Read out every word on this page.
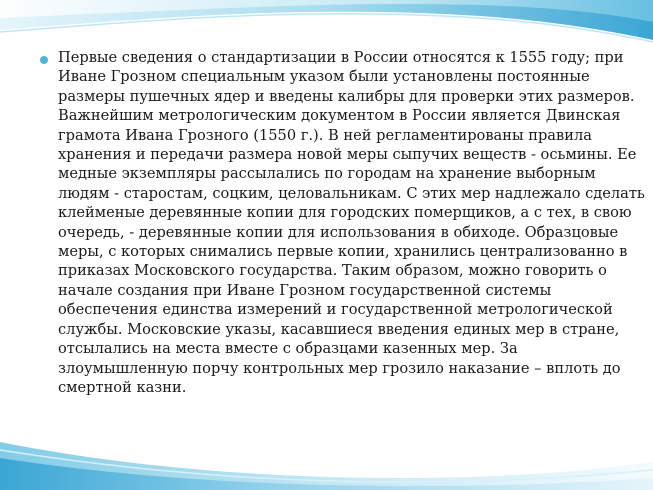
Первые сведения о стандартизации в России относятся к 1555 году; при
Иване Грозном специальным указом были установлены постоянные
размеры пушечных ядер и введены калибры для проверки этих размеров.
Важнейшим метрологическим документом в России является Двинская
грамота Ивана Грозного (1550 г.). В ней регламентированы правила
хранения и передачи размера новой меры сыпучих веществ - осьмины. Ее
медные экземпляры рассылались по городам на хранение выборным
людям - старостам, соцким, целовальникам. С этих мер надлежало сделать
клейменые деревянные копии для городских померщиков, а с тех, в свою
очередь, - деревянные копии для использования в обиходе. Образцовые
меры, с которых снимались первые копии, хранились централизованно в
приказах Московского государства. Таким образом, можно говорить о
начале создания при Иване Грозном государственной системы
обеспечения единства измерений и государственной метрологической
службы. Московские указы, касавшиеся введения единых мер в стране,
отсылались на места вместе с образцами казенных мер. За
злоумышленную порчу контрольных мер грозило наказание – вплоть до
смертной казни.
